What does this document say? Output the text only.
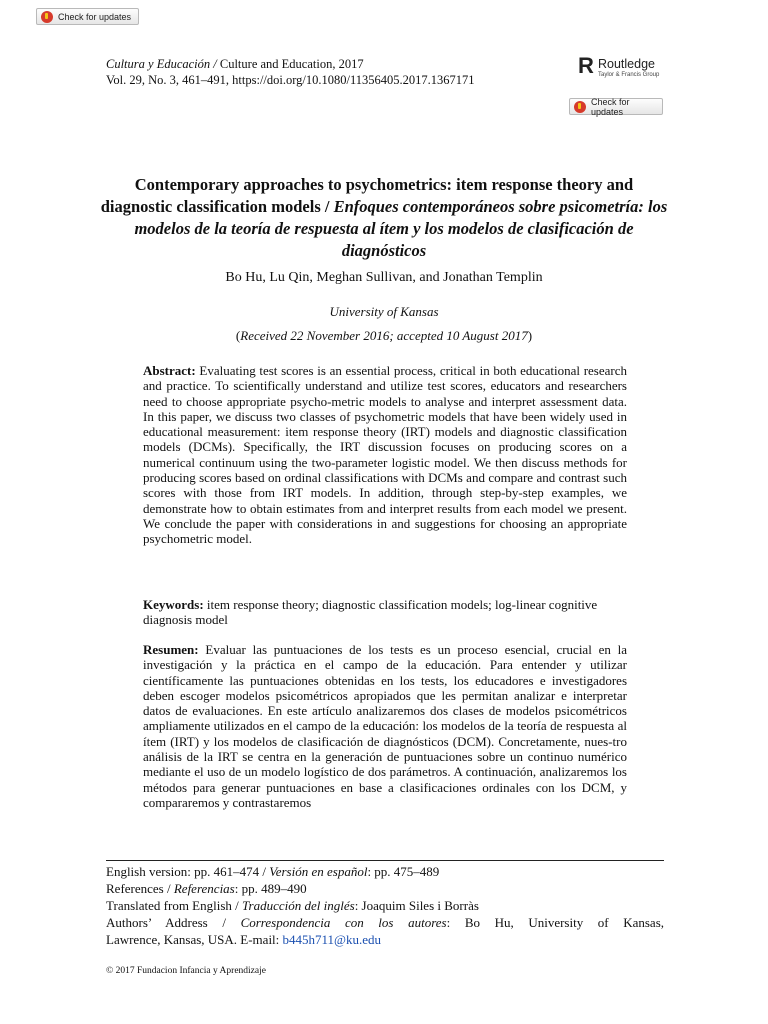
Check for updates
Cultura y Educación / Culture and Education, 2017
Vol. 29, No. 3, 461–491, https://doi.org/10.1080/11356405.2017.1367171
R
Routledge
Taylor & Francis Group
Check for updates
Contemporary approaches to psychometrics: item response theory and diagnostic classification models / Enfoques contemporáneos sobre psicometría: los modelos de la teoría de respuesta al ítem y los modelos de clasificación de diagnósticos
Bo Hu, Lu Qin, Meghan Sullivan, and Jonathan Templin
University of Kansas
(Received 22 November 2016; accepted 10 August 2017)
Abstract: Evaluating test scores is an essential process, critical in both educational research and practice. To scientifically understand and utilize test scores, educators and researchers need to choose appropriate psycho-metric models to analyse and interpret assessment data. In this paper, we discuss two classes of psychometric models that have been widely used in educational measurement: item response theory (IRT) models and diagnostic classification models (DCMs). Specifically, the IRT discussion focuses on producing scores on a numerical continuum using the two-parameter logistic model. We then discuss methods for producing scores based on ordinal classifications with DCMs and compare and contrast such scores with those from IRT models. In addition, through step-by-step examples, we demonstrate how to obtain estimates from and interpret results from each model we present. We conclude the paper with considerations in and suggestions for choosing an appropriate psychometric model.
Keywords: item response theory; diagnostic classification models; log-linear cognitive diagnosis model
Resumen: Evaluar las puntuaciones de los tests es un proceso esencial, crucial en la investigación y la práctica en el campo de la educación. Para entender y utilizar científicamente las puntuaciones obtenidas en los tests, los educadores e investigadores deben escoger modelos psicométricos apropiados que les permitan analizar e interpretar datos de evaluaciones. En este artículo analizaremos dos clases de modelos psicométricos ampliamente utilizados en el campo de la educación: los modelos de la teoría de respuesta al ítem (IRT) y los modelos de clasificación de diagnósticos (DCM). Concretamente, nues-tro análisis de la IRT se centra en la generación de puntuaciones sobre un continuo numérico mediante el uso de un modelo logístico de dos parámetros. A continuación, analizaremos los métodos para generar puntuaciones en base a clasificaciones ordinales con los DCM, y compararemos y contrastaremos
English version: pp. 461–474 / Versión en español: pp. 475–489
References / Referencias: pp. 489–490
Translated from English / Traducción del inglés: Joaquim Siles i Borràs
Authors’ Address / Correspondencia con los autores: Bo Hu, University of Kansas,
Lawrence, Kansas, USA. E-mail: b445h711@ku.edu
© 2017 Fundacion Infancia y Aprendizaje
